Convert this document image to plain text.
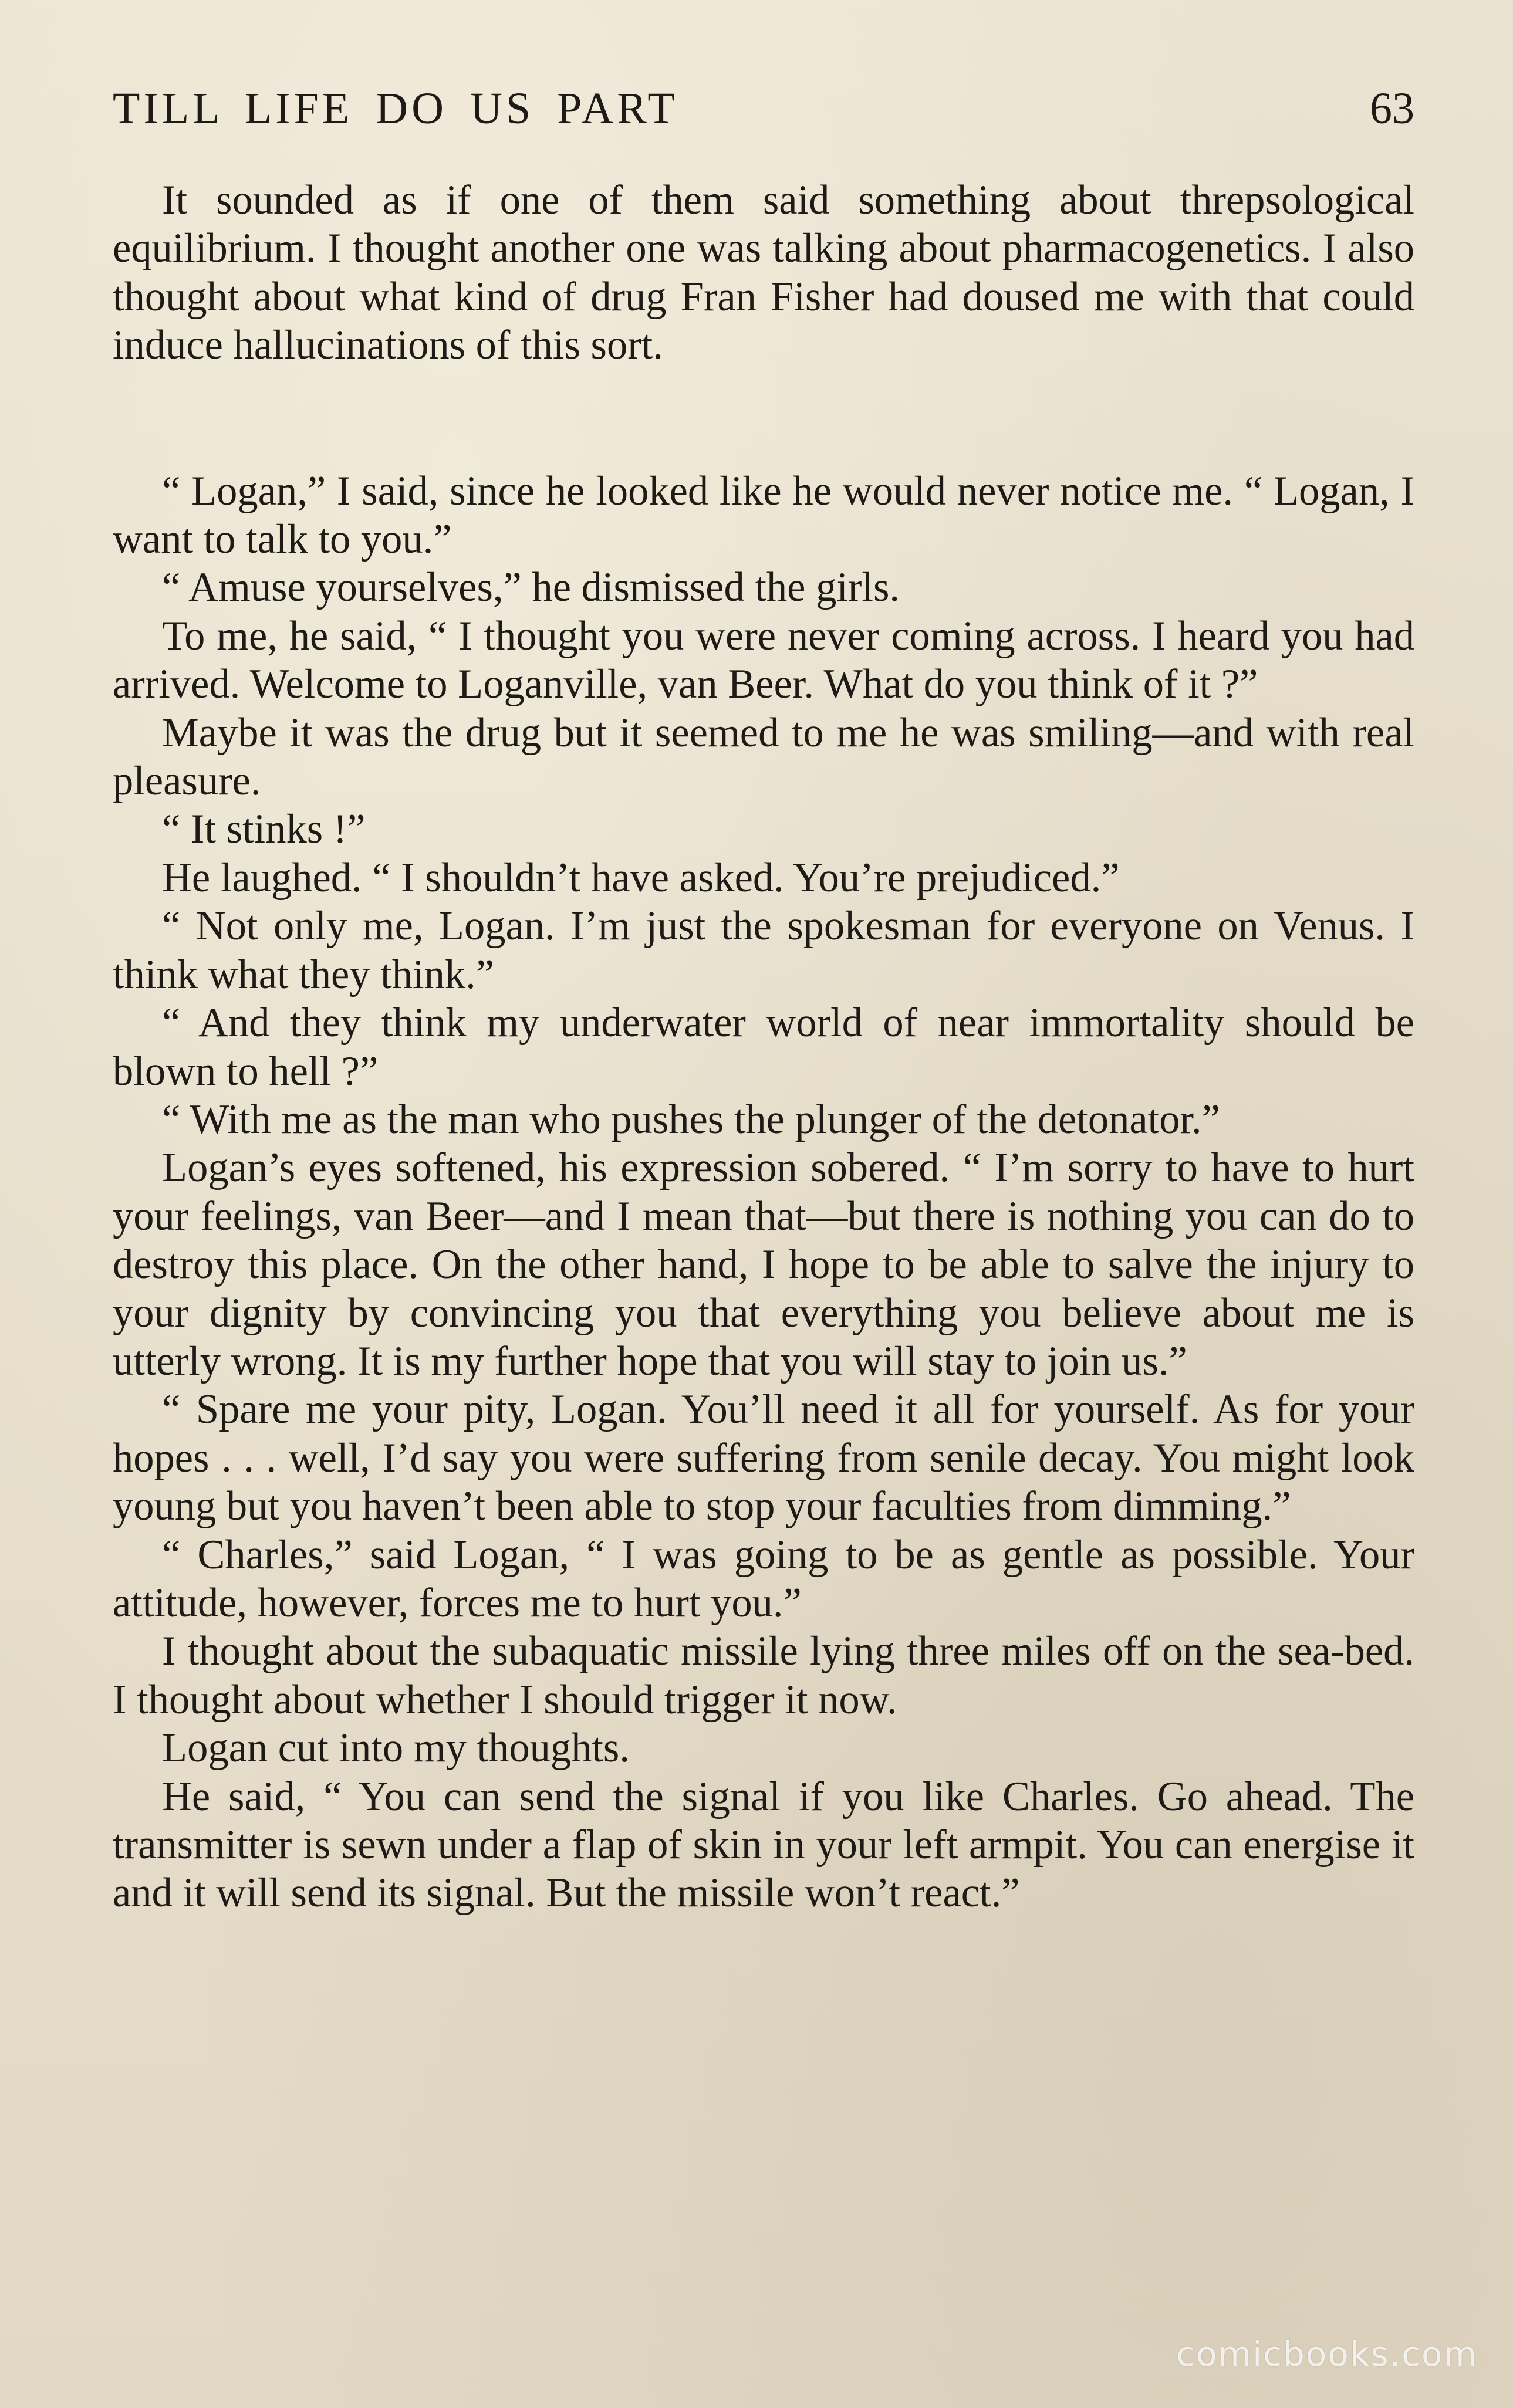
TILL LIFE DO US PART	63

It sounded as if one of them said something about threpsological equilibrium. I thought another one was talking about pharmacogenetics. I also thought about what kind of drug Fran Fisher had doused me with that could induce hallucinations of this sort.

“ Logan,” I said, since he looked like he would never notice me. “ Logan, I want to talk to you.”

“ Amuse yourselves,” he dismissed the girls.

To me, he said, “ I thought you were never coming across. I heard you had arrived. Welcome to Loganville, van Beer. What do you think of it ?”

Maybe it was the drug but it seemed to me he was smiling—and with real pleasure.

“ It stinks !”

He laughed. “ I shouldn’t have asked. You’re prejudiced.”

“ Not only me, Logan. I’m just the spokesman for everyone on Venus. I think what they think.”

“ And they think my underwater world of near immortality should be blown to hell ?”

“ With me as the man who pushes the plunger of the detonator.”

Logan’s eyes softened, his expression sobered. “ I’m sorry to have to hurt your feelings, van Beer—and I mean that—but there is nothing you can do to destroy this place. On the other hand, I hope to be able to salve the injury to your dignity by convincing you that everything you believe about me is utterly wrong. It is my further hope that you will stay to join us.”

“ Spare me your pity, Logan. You’ll need it all for yourself. As for your hopes . . . well, I’d say you were suffering from senile decay. You might look young but you haven’t been able to stop your faculties from dimming.”

“ Charles,” said Logan, “ I was going to be as gentle as possible. Your attitude, however, forces me to hurt you.”

I thought about the subaquatic missile lying three miles off on the sea-bed. I thought about whether I should trigger it now.

Logan cut into my thoughts.

He said, “ You can send the signal if you like Charles. Go ahead. The transmitter is sewn under a flap of skin in your left armpit. You can energise it and it will send its signal. But the missile won’t react.”

comicbooks.com
